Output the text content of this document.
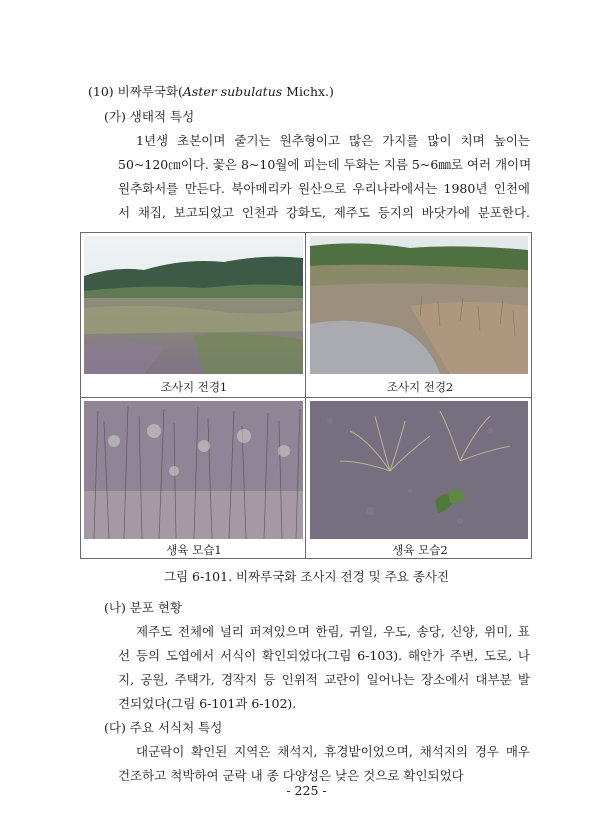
(10) 비짜루국화(Aster subulatus Michx.)
(가) 생태적 특성
1년생 초본이며 줄기는 원추형이고 많은 가지를 많이 치며 높이는
50~120㎝이다. 꽃은 8~10월에 피는데 두화는 지름 5~6㎜로 여러 개이며
원추화서를 만든다. 북아메리카 원산으로 우리나라에서는 1980년 인천에
서 채집, 보고되었고 인천과 강화도, 제주도 등지의 바닷가에 분포한다.
조사지 전경1	조사지 전경2
생육 모습1	생육 모습2
그림 6-101. 비짜루국화 조사지 전경 및 주요 종사진
(나) 분포 현황
제주도 전체에 널리 퍼져있으며 한림, 귀일, 우도, 송당, 신양, 위미, 표
선 등의 도엽에서 서식이 확인되었다(그림 6-103). 해안가 주변, 도로, 나
지, 공원, 주택가, 경작지 등 인위적 교란이 일어나는 장소에서 대부분 발
견되었다(그림 6-101과 6-102).
(다) 주요 서식처 특성
대군락이 확인된 지역은 채석지, 휴경밭이었으며, 채석지의 경우 매우
건조하고 척박하여 군락 내 종 다양성은 낮은 것으로 확인되었다
- 225 -
